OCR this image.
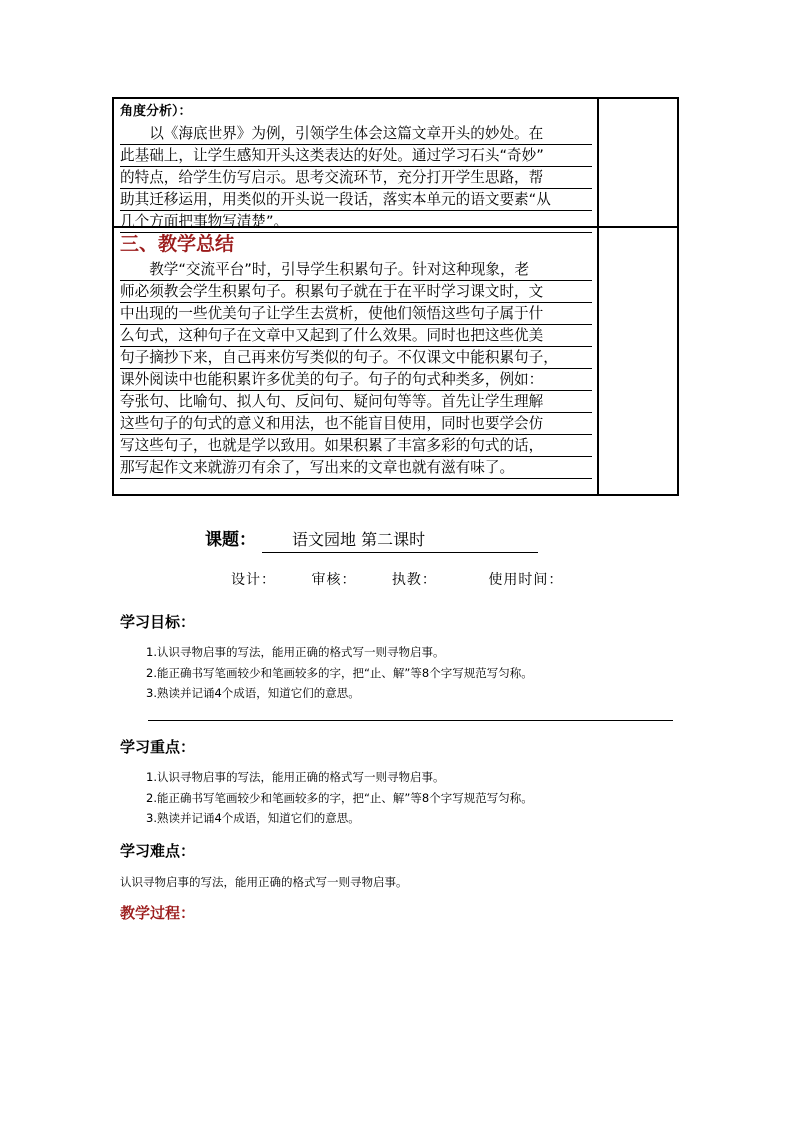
角度分析）：
　　以《海底世界》为例，引领学生体会这篇文章开头的妙处。在
此基础上，让学生感知开头这类表达的好处。通过学习石头“奇妙”
的特点，给学生仿写启示。思考交流环节，充分打开学生思路，帮
助其迁移运用，用类似的开头说一段话，落实本单元的语文要素“从
几个方面把事物写清楚”。
三、教学总结
　　教学“交流平台”时，引导学生积累句子。针对这种现象，老
师必须教会学生积累句子。积累句子就在于在平时学习课文时，文
中出现的一些优美句子让学生去赏析，使他们领悟这些句子属于什
么句式，这种句子在文章中又起到了什么效果。同时也把这些优美
句子摘抄下来，自己再来仿写类似的句子。不仅课文中能积累句子，
课外阅读中也能积累许多优美的句子。句子的句式种类多，例如：
夸张句、比喻句、拟人句、反问句、疑问句等等。首先让学生理解
这些句子的句式的意义和用法，也不能盲目使用，同时也要学会仿
写这些句子，也就是学以致用。如果积累了丰富多彩的句式的话，
那写起作文来就游刃有余了，写出来的文章也就有滋有味了。
课题： 语文园地 第二课时
设计：	审核：	执教：	使用时间：
学习目标：
1.认识寻物启事的写法，能用正确的格式写一则寻物启事。
2.能正确书写笔画较少和笔画较多的字，把“止、解”等8个字写规范写匀称。
3.熟读并记诵4个成语，知道它们的意思。
学习重点：
1.认识寻物启事的写法，能用正确的格式写一则寻物启事。
2.能正确书写笔画较少和笔画较多的字，把“止、解”等8个字写规范写匀称。
3.熟读并记诵4个成语，知道它们的意思。
学习难点：
认识寻物启事的写法，能用正确的格式写一则寻物启事。
教学过程：
